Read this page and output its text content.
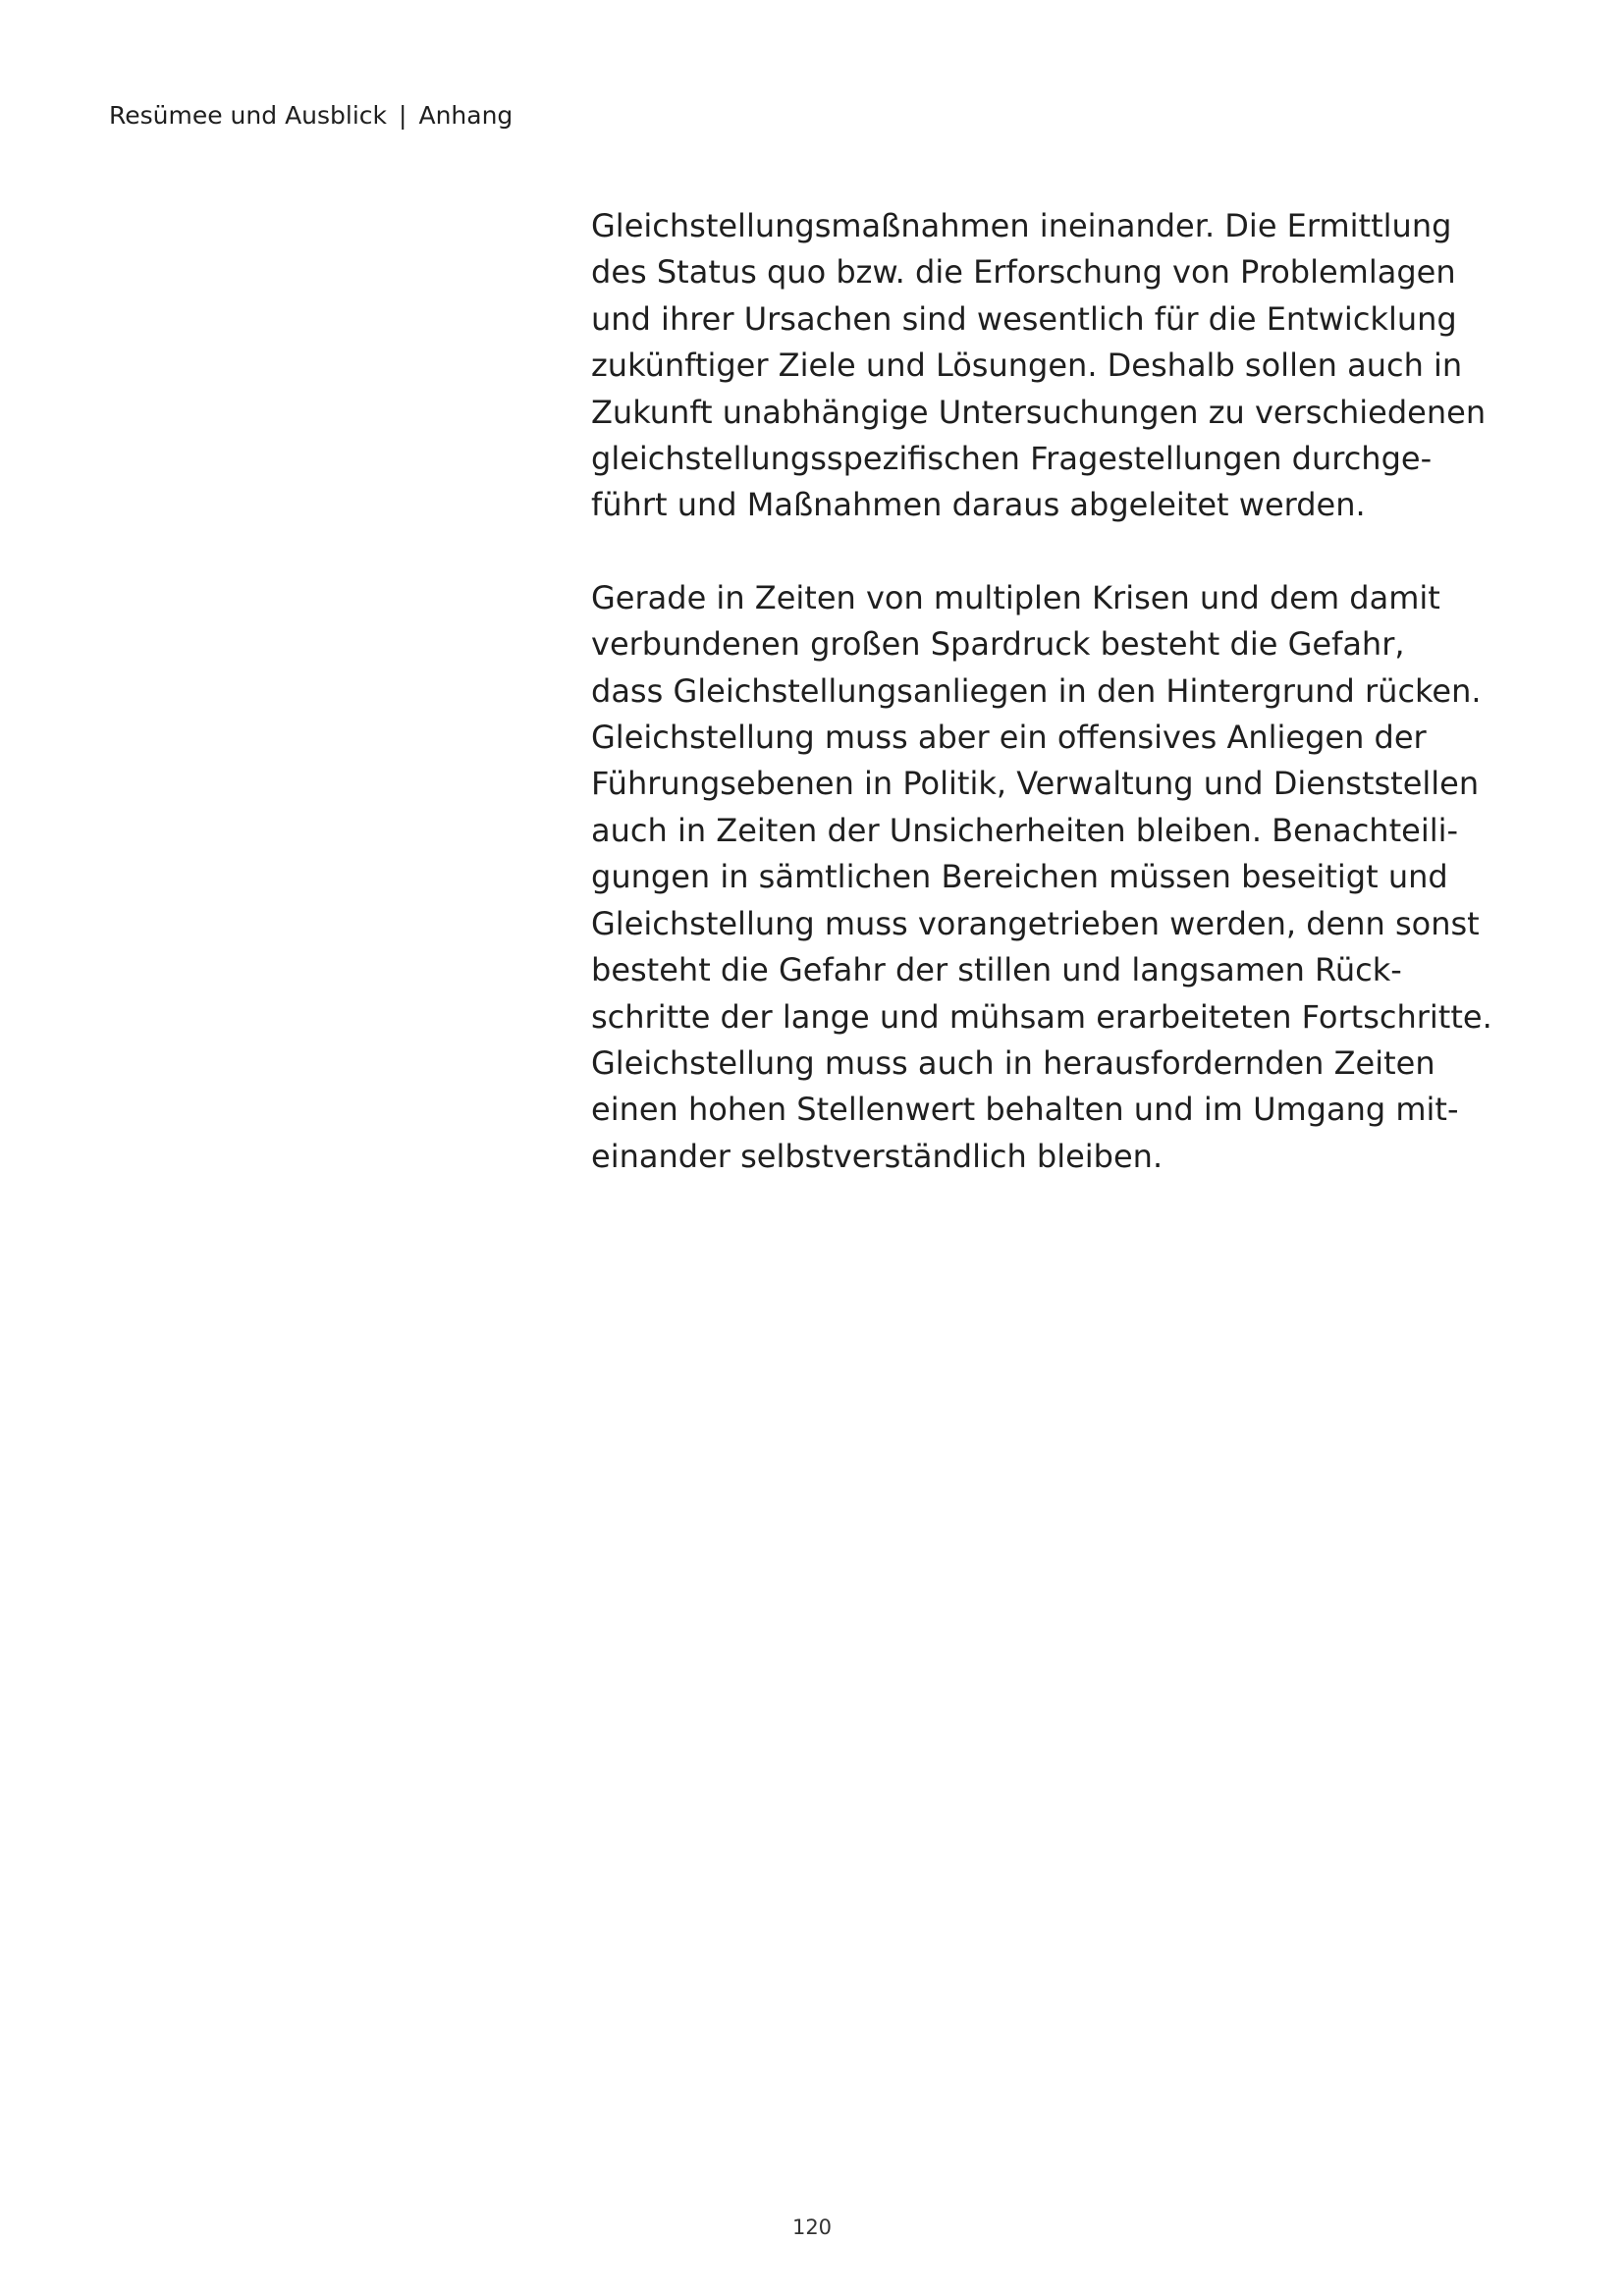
Resümee und Ausblick | Anhang

Gleichstellungsmaßnahmen ineinander. Die Ermittlung
des Status quo bzw. die Erforschung von Problemlagen
und ihrer Ursachen sind wesentlich für die Entwicklung
zukünftiger Ziele und Lösungen. Deshalb sollen auch in
Zukunft unabhängige Untersuchungen zu verschiedenen
gleichstellungsspezifischen Fragestellungen durchge-
führt und Maßnahmen daraus abgeleitet werden.

Gerade in Zeiten von multiplen Krisen und dem damit
verbundenen großen Spardruck besteht die Gefahr,
dass Gleichstellungsanliegen in den Hintergrund rücken.
Gleichstellung muss aber ein offensives Anliegen der
Führungsebenen in Politik, Verwaltung und Dienststellen
auch in Zeiten der Unsicherheiten bleiben. Benachteili-
gungen in sämtlichen Bereichen müssen beseitigt und
Gleichstellung muss vorangetrieben werden, denn sonst
besteht die Gefahr der stillen und langsamen Rück-
schritte der lange und mühsam erarbeiteten Fortschritte.
Gleichstellung muss auch in herausfordernden Zeiten
einen hohen Stellenwert behalten und im Umgang mit-
einander selbstverständlich bleiben.

120
